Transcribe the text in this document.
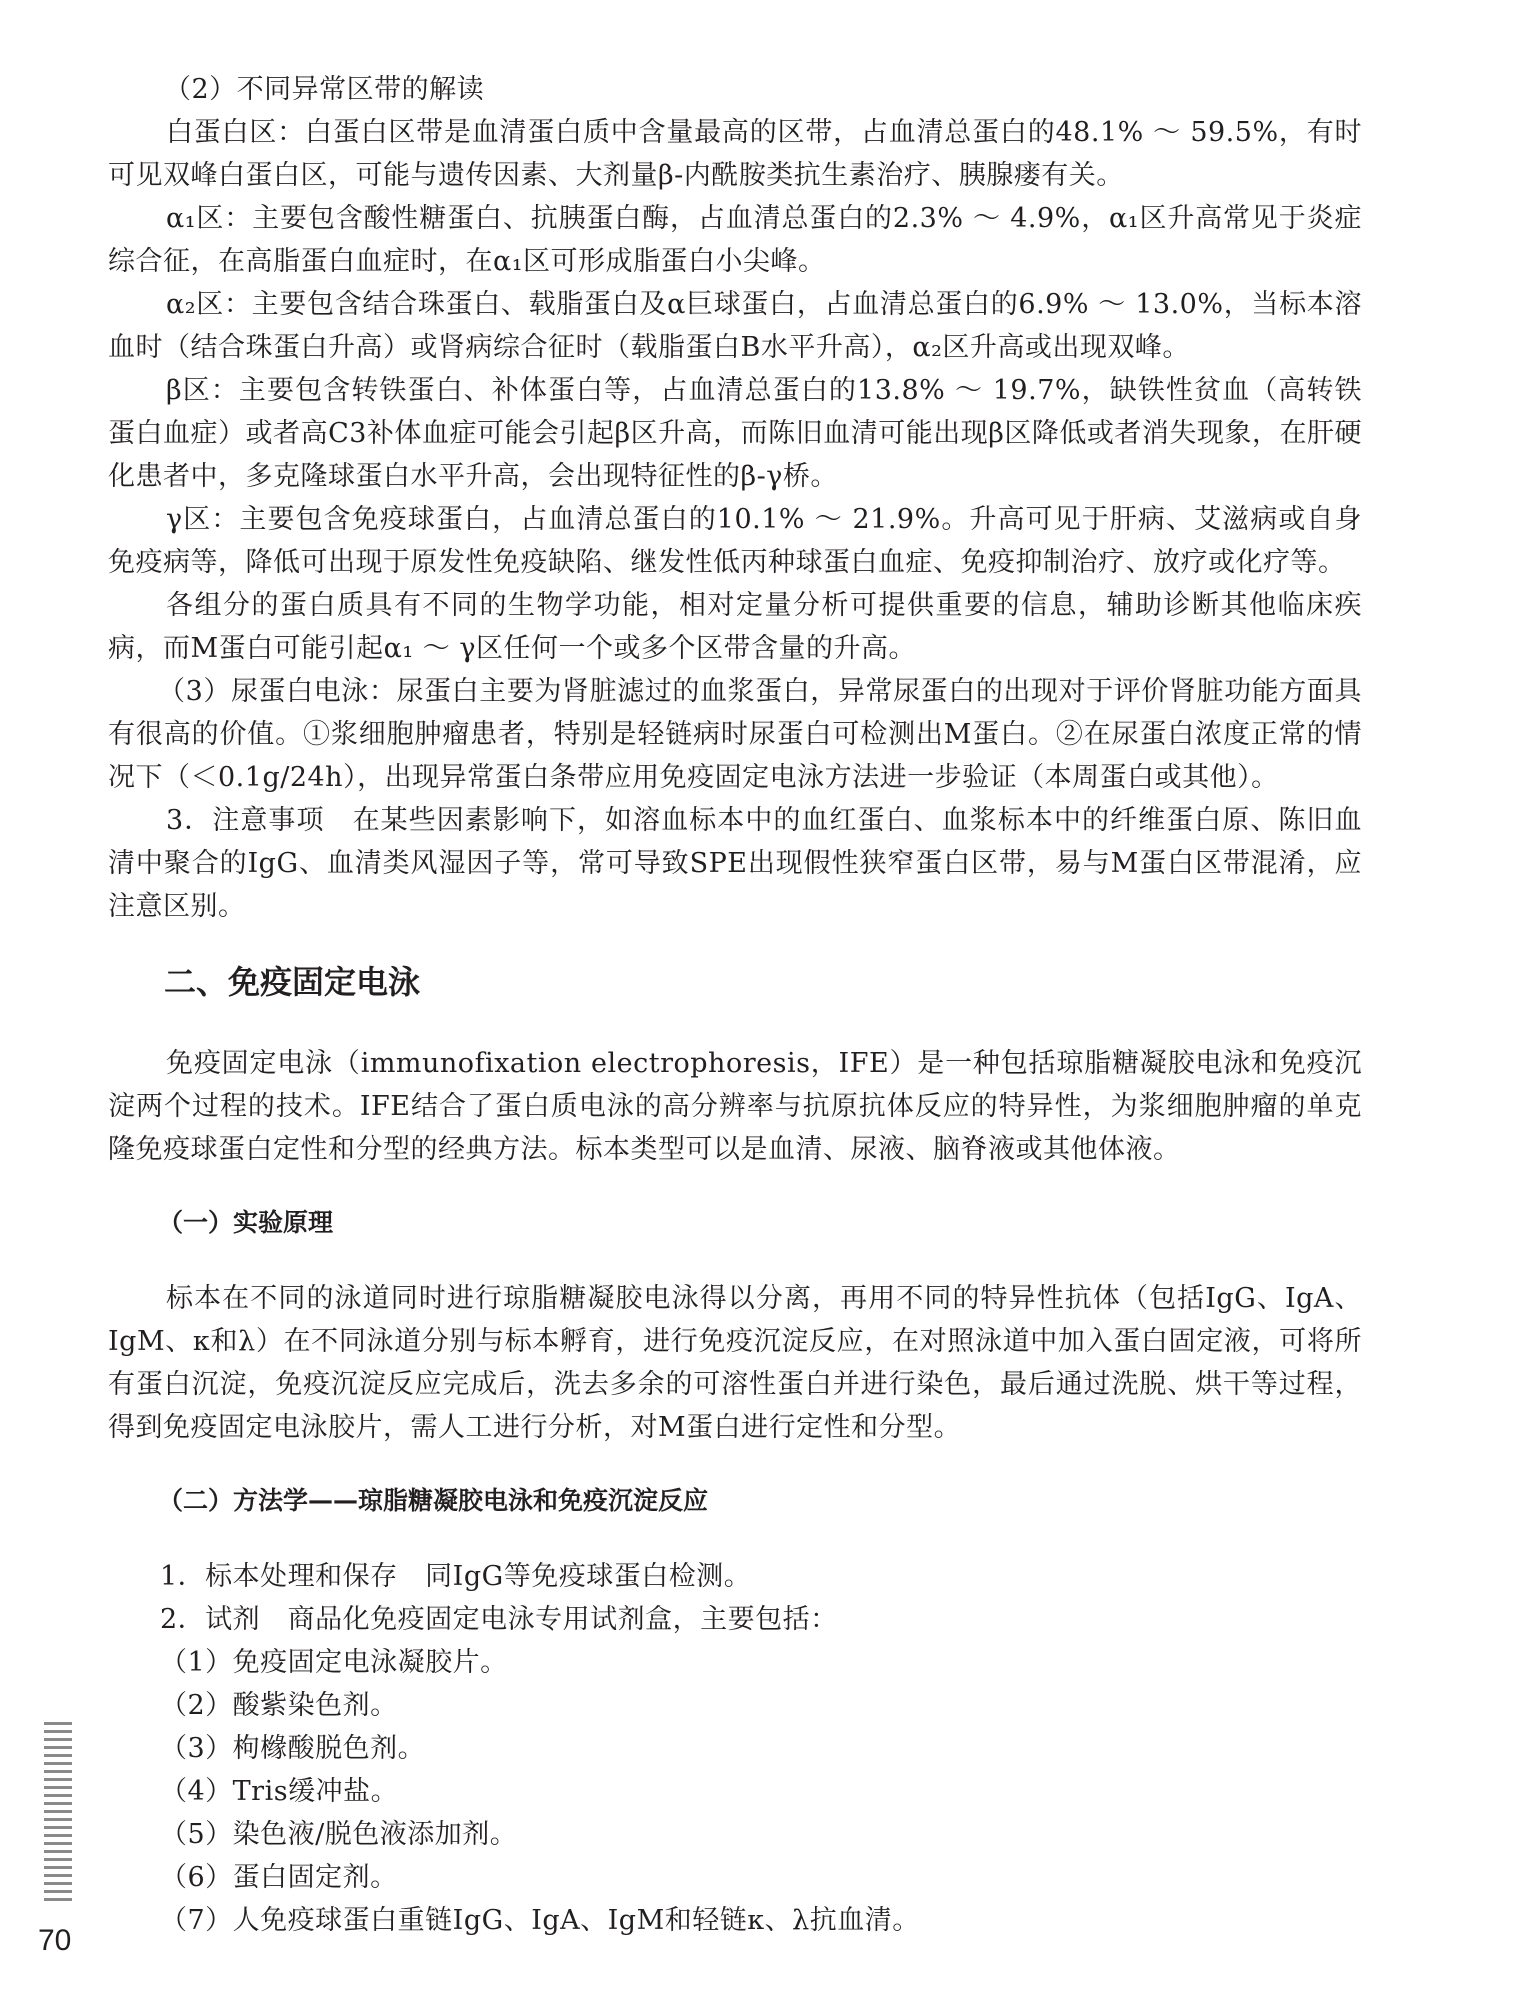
（2）不同异常区带的解读

白蛋白区：白蛋白区带是血清蛋白质中含量最高的区带，占血清总蛋白的48.1% ～ 59.5%，有时可见双峰白蛋白区，可能与遗传因素、大剂量β-内酰胺类抗生素治疗、胰腺瘘有关。

α₁区：主要包含酸性糖蛋白、抗胰蛋白酶，占血清总蛋白的2.3% ～ 4.9%，α₁区升高常见于炎症综合征，在高脂蛋白血症时，在α₁区可形成脂蛋白小尖峰。

α₂区：主要包含结合珠蛋白、载脂蛋白及α巨球蛋白，占血清总蛋白的6.9% ～ 13.0%，当标本溶血时（结合珠蛋白升高）或肾病综合征时（载脂蛋白B水平升高），α₂区升高或出现双峰。

β区：主要包含转铁蛋白、补体蛋白等，占血清总蛋白的13.8% ～ 19.7%，缺铁性贫血（高转铁蛋白血症）或者高C3补体血症可能会引起β区升高，而陈旧血清可能出现β区降低或者消失现象，在肝硬化患者中，多克隆球蛋白水平升高，会出现特征性的β-γ桥。

γ区：主要包含免疫球蛋白，占血清总蛋白的10.1% ～ 21.9%。升高可见于肝病、艾滋病或自身免疫病等，降低可出现于原发性免疫缺陷、继发性低丙种球蛋白血症、免疫抑制治疗、放疗或化疗等。

各组分的蛋白质具有不同的生物学功能，相对定量分析可提供重要的信息，辅助诊断其他临床疾病，而M蛋白可能引起α₁ ～ γ区任何一个或多个区带含量的升高。

（3）尿蛋白电泳：尿蛋白主要为肾脏滤过的血浆蛋白，异常尿蛋白的出现对于评价肾脏功能方面具有很高的价值。①浆细胞肿瘤患者，特别是轻链病时尿蛋白可检测出M蛋白。②在尿蛋白浓度正常的情况下（＜0.1g/24h），出现异常蛋白条带应用免疫固定电泳方法进一步验证（本周蛋白或其他）。

3．注意事项　在某些因素影响下，如溶血标本中的血红蛋白、血浆标本中的纤维蛋白原、陈旧血清中聚合的IgG、血清类风湿因子等，常可导致SPE出现假性狭窄蛋白区带，易与M蛋白区带混淆，应注意区别。

二、免疫固定电泳

免疫固定电泳（immunofixation electrophoresis，IFE）是一种包括琼脂糖凝胶电泳和免疫沉淀两个过程的技术。IFE结合了蛋白质电泳的高分辨率与抗原抗体反应的特异性，为浆细胞肿瘤的单克隆免疫球蛋白定性和分型的经典方法。标本类型可以是血清、尿液、脑脊液或其他体液。

（一）实验原理

标本在不同的泳道同时进行琼脂糖凝胶电泳得以分离，再用不同的特异性抗体（包括IgG、IgA、IgM、κ和λ）在不同泳道分别与标本孵育，进行免疫沉淀反应，在对照泳道中加入蛋白固定液，可将所有蛋白沉淀，免疫沉淀反应完成后，洗去多余的可溶性蛋白并进行染色，最后通过洗脱、烘干等过程，得到免疫固定电泳胶片，需人工进行分析，对M蛋白进行定性和分型。

（二）方法学——琼脂糖凝胶电泳和免疫沉淀反应

1．标本处理和保存　同IgG等免疫球蛋白检测。

2．试剂　商品化免疫固定电泳专用试剂盒，主要包括：

（1）免疫固定电泳凝胶片。

（2）酸紫染色剂。

（3）枸橼酸脱色剂。

（4）Tris缓冲盐。

（5）染色液/脱色液添加剂。

（6）蛋白固定剂。

（7）人免疫球蛋白重链IgG、IgA、IgM和轻链κ、λ抗血清。

70
